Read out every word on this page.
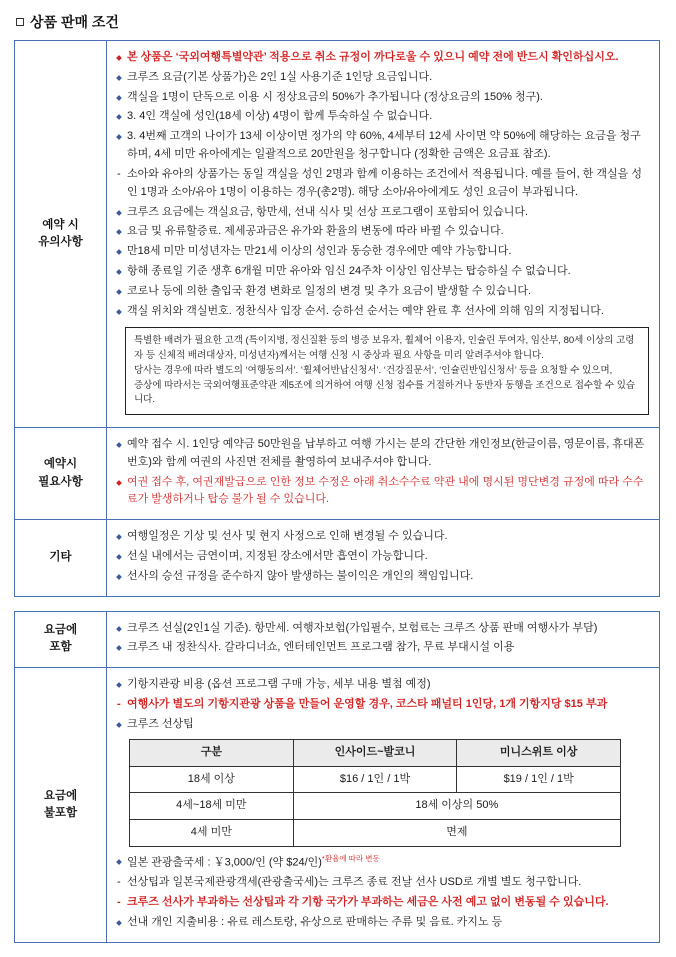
상품 판매 조건
예약 시
유의사항	
본 상품은 ‘국외여행특별약관’ 적용으로 취소 규정이 까다로울 수 있으니 예약 전에 반드시 확인하십시오.
크루즈 요금(기본 상품가)은 2인 1실 사용기준 1인당 요금입니다.
객실을 1명이 단독으로 이용 시 정상요금의 50%가 추가됩니다 (정상요금의 150% 청구).
3. 4인 객실에 성인(18세 이상) 4명이 함께 투숙하실 수 없습니다.
3. 4번째 고객의 나이가 13세 이상이면 정가의 약 60%, 4세부터 12세 사이면 약 50%에 해당하는 요금을 청구하며, 4세 미만 유아에게는 일괄적으로 20만원을 청구합니다 (정확한 금액은 요금표 참조).
- 소아와 유아의 상품가는 동일 객실을 성인 2명과 함께 이용하는 조건에서 적용됩니다. 예를 들어, 한 객실을 성인 1명과 소아/유아 1명이 이용하는 경우(총2명). 해당 소아/유아에게도 성인 요금이 부과됩니다.
크루즈 요금에는 객실요금, 항만세, 선내 식사 및 선상 프로그램이 포함되어 있습니다.
요금 및 유류할증료. 제세공과금은 유가와 환율의 변동에 따라 바뀔 수 있습니다.
만18세 미만 미성년자는 만21세 이상의 성인과 동승한 경우에만 예약 가능합니다.
항해 종료일 기준 생후 6개월 미만 유아와 임신 24주차 이상인 임산부는 탑승하실 수 없습니다.
코로나 등에 의한 출입국 환경 변화로 일정의 변경 및 추가 요금이 발생할 수 있습니다.
객실 위치와 객실번호. 정찬식사 입장 순서. 승하선 순서는 예약 완료 후 선사에 의해 임의 지정됩니다.

특별한 배려가 필요한 고객 (특이지병, 정신질환 등의 병증 보유자, 휠체어 이용자, 인슐린 투여자, 임산부, 80세 이상의 고령자 등 신체적 배려대상자, 미성년자)께서는 여행 신청 시 중상과 필요 사항을 미리 알려주셔야 합니다.

당사는 경우에 따라 별도의 ‘여행동의서’. ‘휠체어반납신청서’. ‘건강질문서’, ‘인슐린반입신청서’ 등을 요청할 수 있으며,

증상에 따라서는 국외여행표준약관 제5조에 의거하여 여행 신청 접수를 거절하거나 동반자 동행을 조건으로 접수할 수 있습니다.

예약시
필요사항	
예약 접수 시. 1인당 예약금 50만원을 납부하고 여행 가시는 분의 간단한 개인정보(한글이름, 영문이름, 휴대폰 번호)와 함께 여권의 사진면 전체를 촬영하여 보내주셔야 합니다.
여권 접수 후, 여권재발급으로 인한 정보 수정은 아래 취소수수료 약관 내에 명시된 명단변경 규정에 따라 수수료가 발생하거나 탑승 불가 될 수 있습니다.

기타	
여행일정은 기상 및 선사 및 현지 사정으로 인해 변경될 수 있습니다.
선실 내에서는 금연이며, 지정된 장소에서만 흡연이 가능합니다.
선사의 승선 규정을 준수하지 않아 발생하는 불이익은 개인의 책임입니다.
요금에
포함	
크루즈 선실(2인1실 기준). 항만세. 여행자보험(가입필수, 보험료는 크루즈 상품 판매 여행사가 부담)
크루즈 내 정찬식사. 갈라디너쇼, 엔터테인먼트 프로그램 참가, 무료 부대시설 이용

요금에
불포함	
기항지관광 비용 (옵션 프로그램 구매 가능, 세부 내용 별첨 예정)
- 여행사가 별도의 기항지관광 상품을 만들어 운영할 경우, 코스타 패널티 1인당, 1개 기항지당 $15 부과
크루즈 선상팁
구분	인사이드~발코니	미니스위트 이상
18세 이상	$16 / 1인 / 1박	$19 / 1인 / 1박
4세~18세 미만	18세 이상의 50%
4세 미만	면제
일본 관광출국세 : ￥3,000/인 (약 $24/인)$^{*환율에 따라 변동}$
- 선상팁과 일본국제관광객세(관광출국세)는 크루즈 종료 전날 선사 USD로 개별 별도 청구합니다.
- 크루즈 선사가 부과하는 선상팁과 각 기항 국가가 부과하는 세금은 사전 예고 없이 변동될 수 있습니다.
선내 개인 지출비용 : 유료 레스토랑, 유상으로 판매하는 주류 및 음료. 카지노 등
